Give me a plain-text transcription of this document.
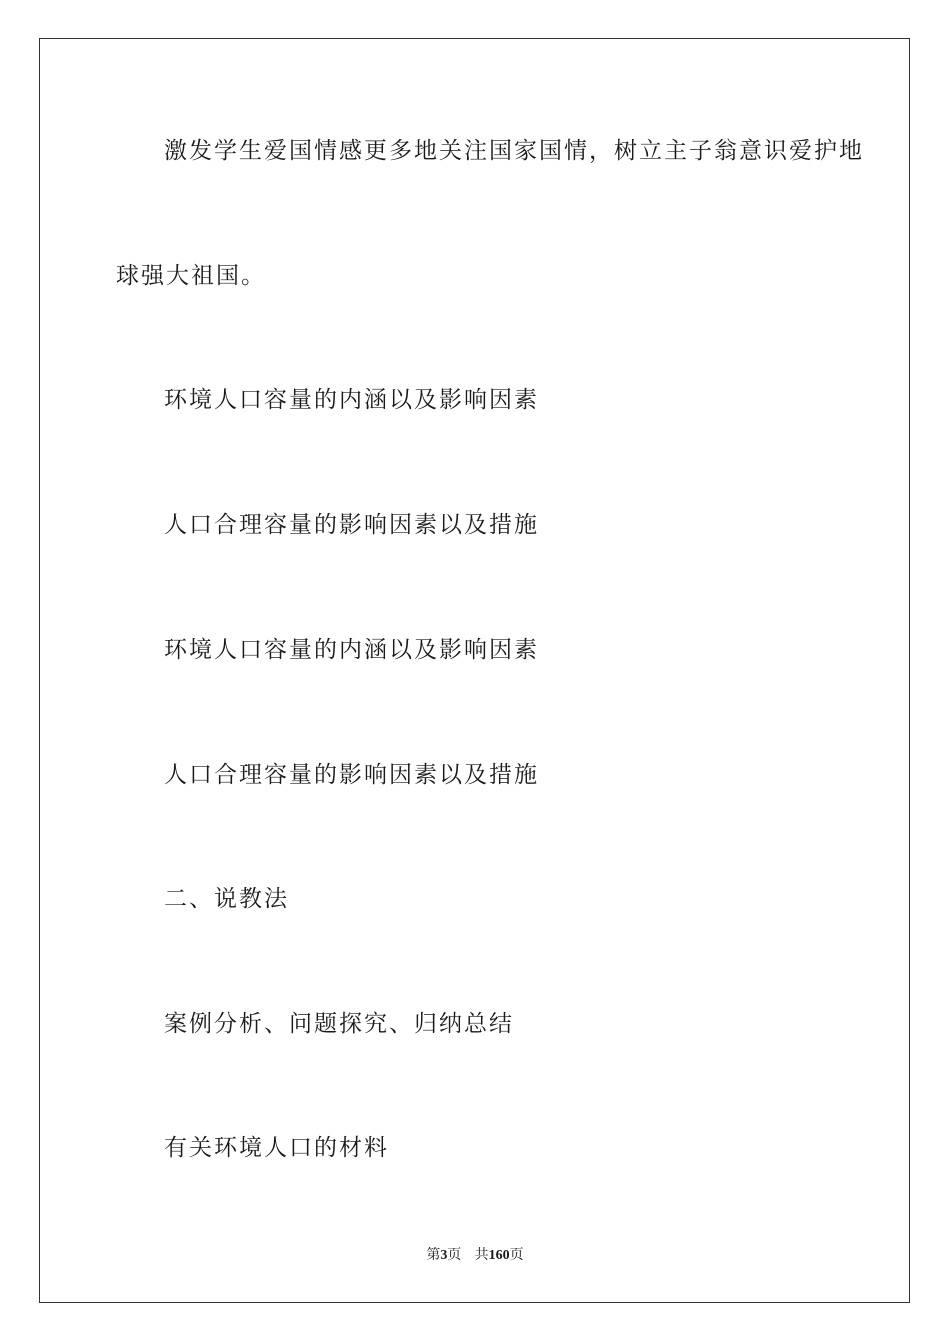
激发学生爱国情感更多地关注国家国情，树立主子翁意识爱护地
球强大祖国。
环境人口容量的内涵以及影响因素
人口合理容量的影响因素以及措施
环境人口容量的内涵以及影响因素
人口合理容量的影响因素以及措施
二、说教法
案例分析、问题探究、归纳总结
有关环境人口的材料
第3页 共160页
